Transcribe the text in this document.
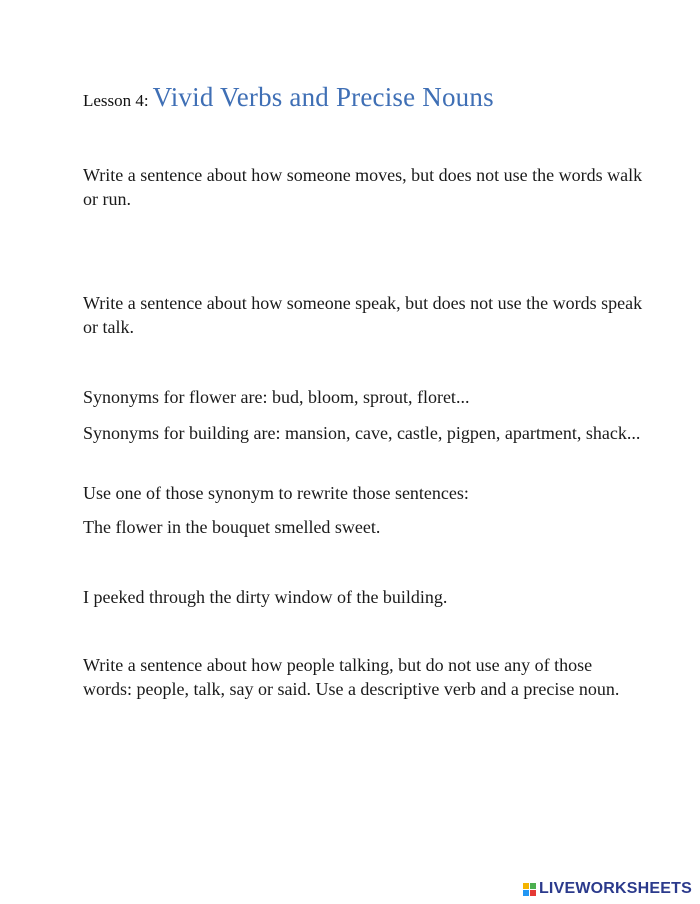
Lesson 4: Vivid Verbs and Precise Nouns
Write a sentence about how someone moves, but does not use the words walk or run.
Write a sentence about how someone speak, but does not use the words speak or talk.
Synonyms for flower are: bud, bloom, sprout, floret...
Synonyms for building are: mansion, cave, castle, pigpen, apartment, shack...
Use one of those synonym to rewrite those sentences:
The flower in the bouquet smelled sweet.
I peeked through the dirty window of the building.
Write a sentence about how people talking, but do not use any of those words: people, talk, say or said. Use a descriptive verb and a precise noun.
LIVEWORKSHEETS
